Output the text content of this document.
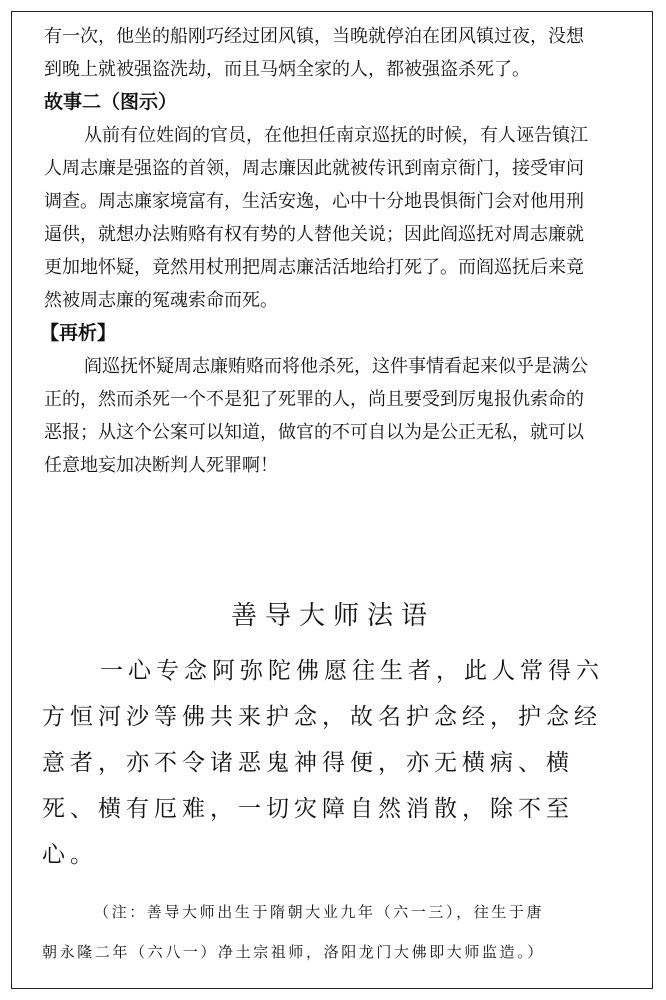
有一次，他坐的船刚巧经过团风镇，当晚就停泊在团风镇过夜，没想
到晚上就被强盗洗劫，而且马炳全家的人，都被强盗杀死了。
故事二（图示）
从前有位姓阎的官员，在他担任南京巡抚的时候，有人诬告镇江
人周志廉是强盗的首领，周志廉因此就被传讯到南京衙门，接受审问
调查。周志廉家境富有，生活安逸，心中十分地畏惧衙门会对他用刑
逼供，就想办法贿赂有权有势的人替他关说；因此阎巡抚对周志廉就
更加地怀疑，竟然用杖刑把周志廉活活地给打死了。而阎巡抚后来竟
然被周志廉的冤魂索命而死。
【再析】
阎巡抚怀疑周志廉贿赂而将他杀死，这件事情看起来似乎是满公
正的，然而杀死一个不是犯了死罪的人，尚且要受到厉鬼报仇索命的
恶报；从这个公案可以知道，做官的不可自以为是公正无私，就可以
任意地妄加决断判人死罪啊！
善导大师法语
一心专念阿弥陀佛愿往生者，此人常得六
方恒河沙等佛共来护念，故名护念经，护念经
意者，亦不令诸恶鬼神得便，亦无横病、横
死、横有厄难，一切灾障自然消散，除不至
心。
（注：善导大师出生于隋朝大业九年（六一三），往生于唐
朝永隆二年（六八一）净土宗祖师，洛阳龙门大佛即大师监造。）
